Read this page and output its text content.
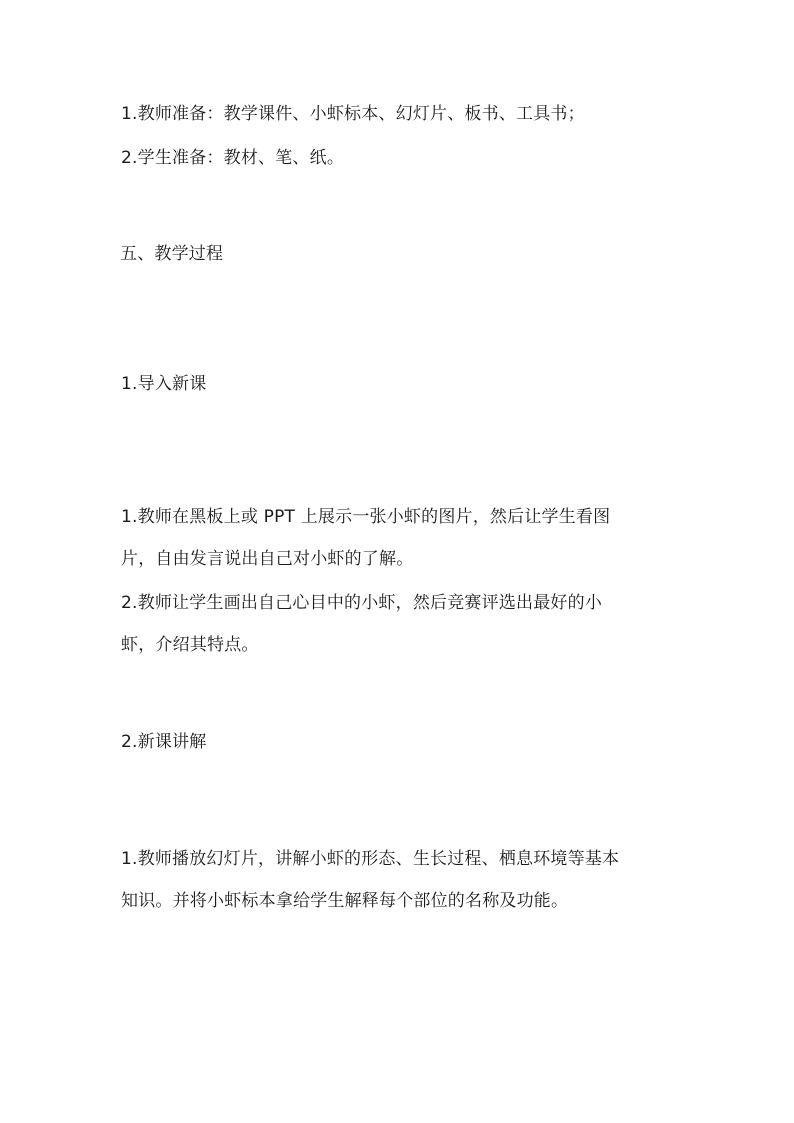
1.教师准备：教学课件、小虾标本、幻灯片、板书、工具书；
2.学生准备：教材、笔、纸。
五、教学过程
1.导入新课
1.教师在黑板上或 PPT 上展示一张小虾的图片，然后让学生看图
片，自由发言说出自己对小虾的了解。
2.教师让学生画出自己心目中的小虾，然后竞赛评选出最好的小
虾，介绍其特点。
2.新课讲解
1.教师播放幻灯片，讲解小虾的形态、生长过程、栖息环境等基本
知识。并将小虾标本拿给学生解释每个部位的名称及功能。
